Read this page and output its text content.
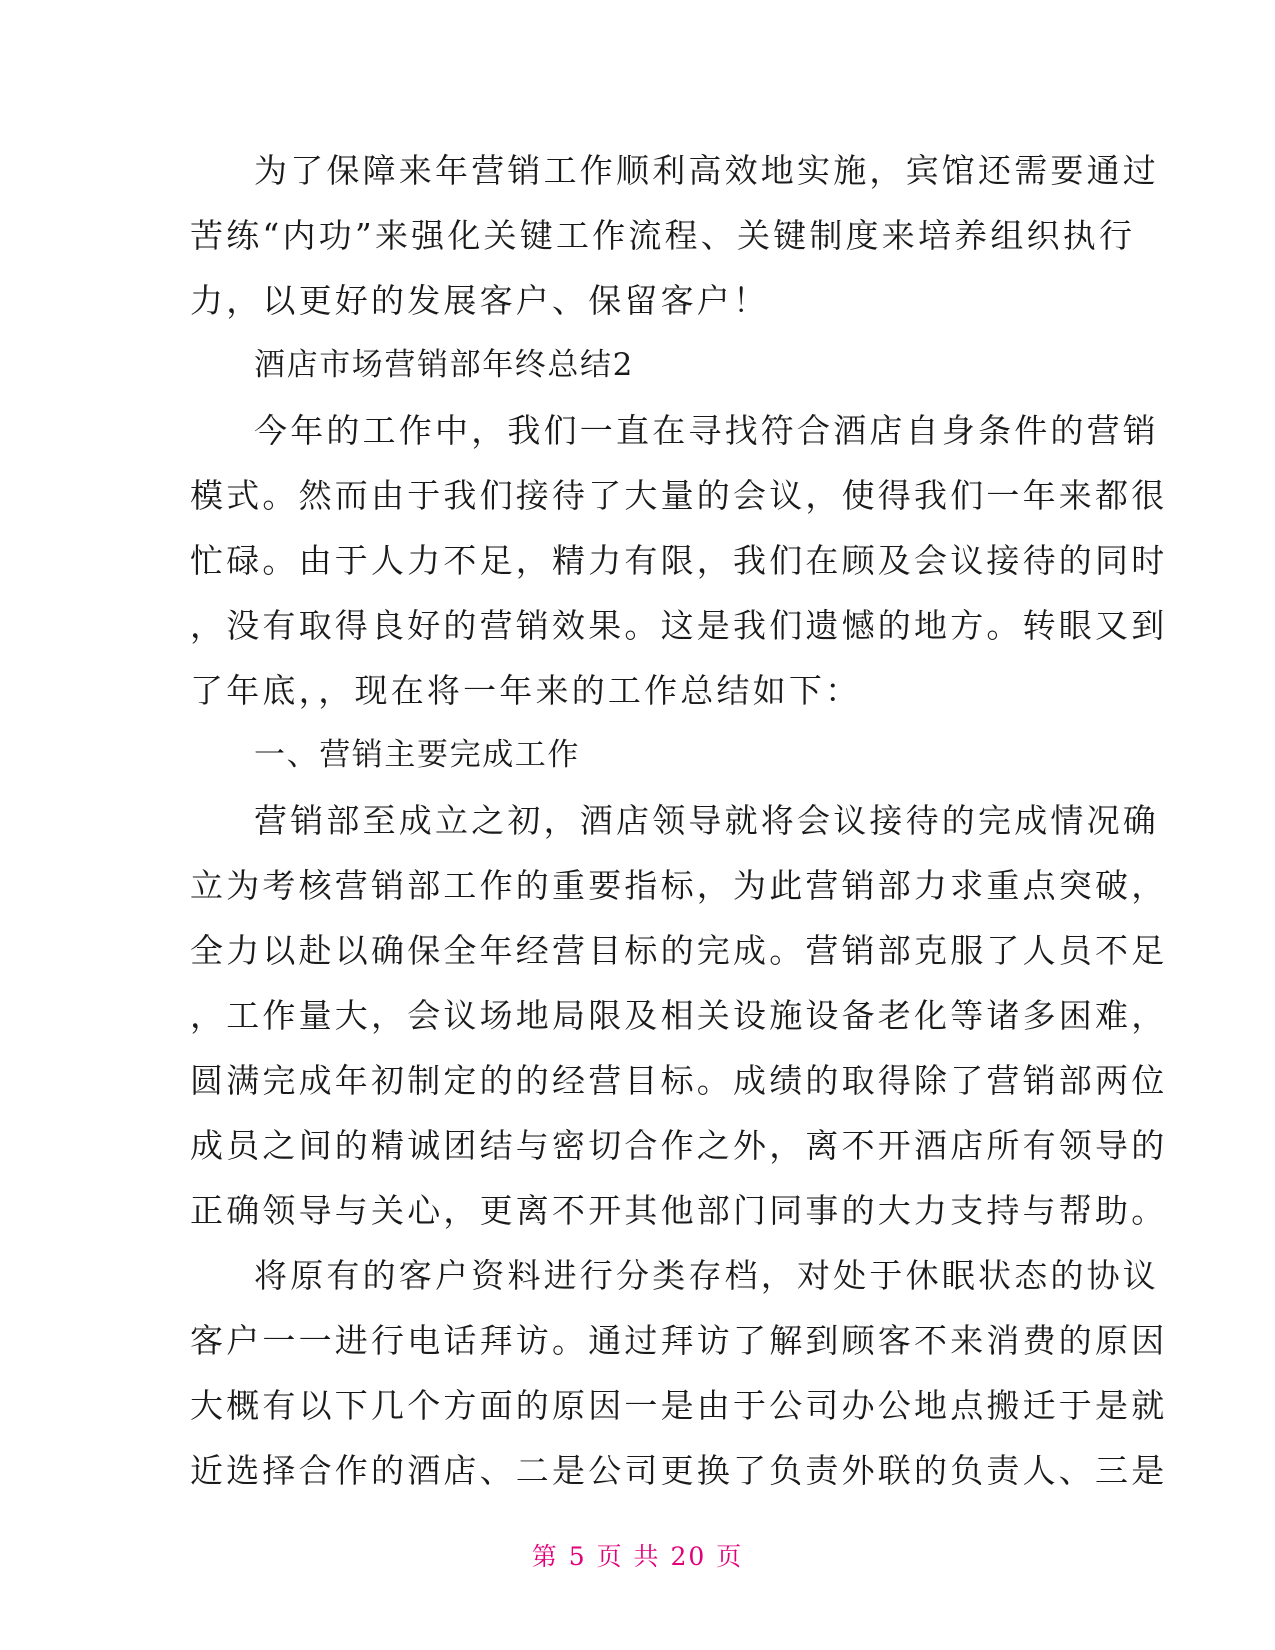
为了保障来年营销工作顺利高效地实施，宾馆还需要通过
苦练“内功”来强化关键工作流程、关键制度来培养组织执行
力，以更好的发展客户、保留客户！
酒店市场营销部年终总结2
今年的工作中，我们一直在寻找符合酒店自身条件的营销
模式。然而由于我们接待了大量的会议，使得我们一年来都很
忙碌。由于人力不足，精力有限，我们在顾及会议接待的同时
，没有取得良好的营销效果。这是我们遗憾的地方。转眼又到
了年底，，现在将一年来的工作总结如下：
一、营销主要完成工作
营销部至成立之初，酒店领导就将会议接待的完成情况确
立为考核营销部工作的重要指标，为此营销部力求重点突破，
全力以赴以确保全年经营目标的完成。营销部克服了人员不足
，工作量大，会议场地局限及相关设施设备老化等诸多困难，
圆满完成年初制定的的经营目标。成绩的取得除了营销部两位
成员之间的精诚团结与密切合作之外，离不开酒店所有领导的
正确领导与关心，更离不开其他部门同事的大力支持与帮助。
将原有的客户资料进行分类存档，对处于休眠状态的协议
客户一一进行电话拜访。通过拜访了解到顾客不来消费的原因
大概有以下几个方面的原因一是由于公司办公地点搬迁于是就
近选择合作的酒店、二是公司更换了负责外联的负责人、三是
第 5 页 共 20 页
